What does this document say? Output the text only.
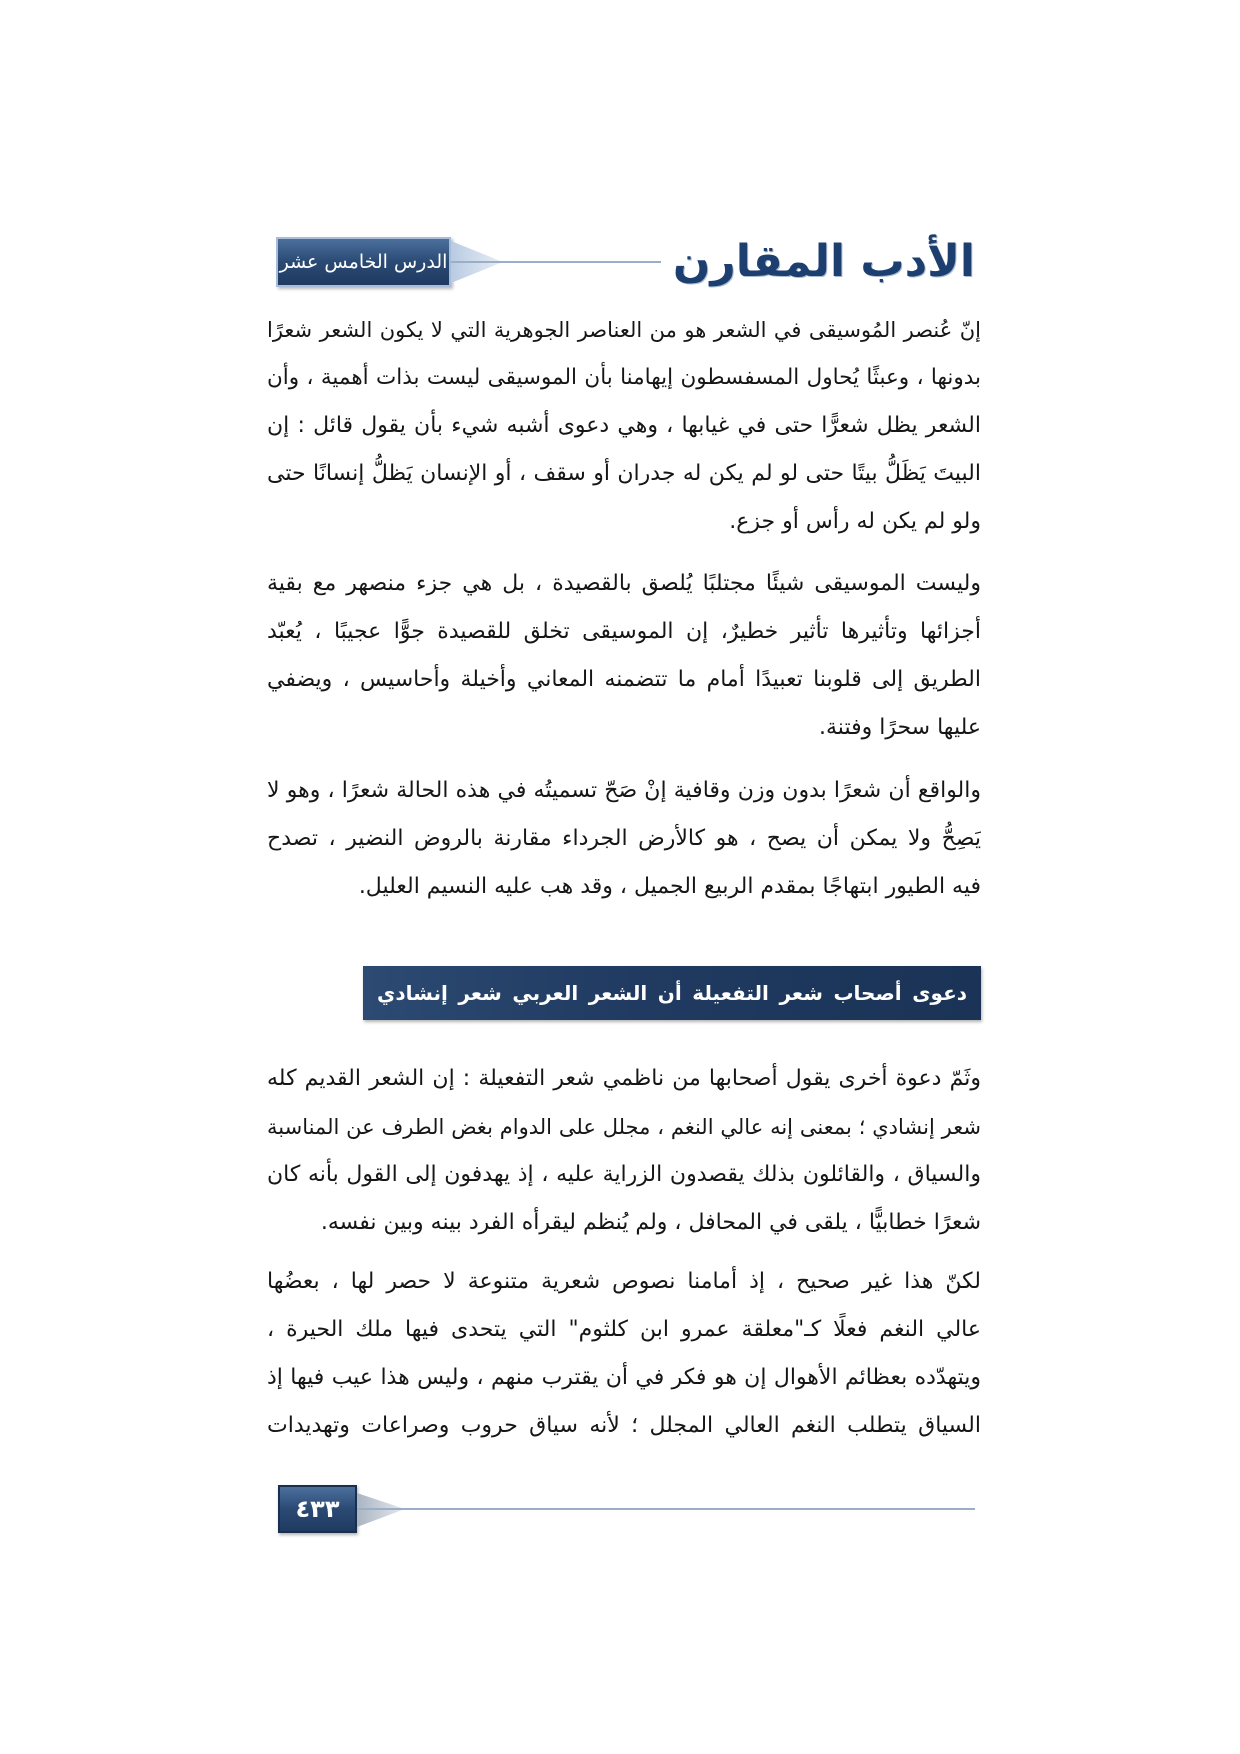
الدرس الخامس عشر	الأدب المقارن
إنّ عُنصر المُوسيقى في الشعر هو من العناصر الجوهرية التي لا يكون الشعر شعرًا
بدونها ، وعبثًا يُحاول المسفسطون إيهامنا بأن الموسيقى ليست بذات أهمية ، وأن
الشعر يظل شعرًّا حتى في غيابها ، وهي دعوى أشبه شيء بأن يقول قائل : إن
البيتَ يَظَلُّ بيتًا حتى لو لم يكن له جدران أو سقف ، أو الإنسان يَظلُّ إنسانًا حتى
ولو لم يكن له رأس أو جزع.
وليست الموسيقى شيئًا مجتلبًا يُلصق بالقصيدة ، بل هي جزء منصهر مع بقية
أجزائها وتأثيرها تأثير خطيرٌ، إن الموسيقى تخلق للقصيدة جوًّا عجيبًا ، يُعبّد
الطريق إلى قلوبنا تعبيدًا أمام ما تتضمنه المعاني وأخيلة وأحاسيس ، ويضفي
عليها سحرًا وفتنة.
والواقع أن شعرًا بدون وزن وقافية إنْ صَحّ تسميتُه في هذه الحالة شعرًا ، وهو لا
يَصِحُّ ولا يمكن أن يصح ، هو كالأرض الجرداء مقارنة بالروض النضير ، تصدح
فيه الطيور ابتهاجًا بمقدم الربيع الجميل ، وقد هب عليه النسيم العليل.
دعوى أصحاب شعر التفعيلة أن الشعر العربي شعر إنشادي
وثَمّ دعوة أخرى يقول أصحابها من ناظمي شعر التفعيلة : إن الشعر القديم كله
شعر إنشادي ؛ بمعنى إنه عالي النغم ، مجلل على الدوام بغض الطرف عن المناسبة
والسياق ، والقائلون بذلك يقصدون الزراية عليه ، إذ يهدفون إلى القول بأنه كان
شعرًا خطابيًّا ، يلقى في المحافل ، ولم يُنظم ليقرأه الفرد بينه وبين نفسه.
لكنّ هذا غير صحيح ، إذ أمامنا نصوص شعرية متنوعة لا حصر لها ، بعضُها
عالي النغم فعلًا كـ"معلقة عمرو ابن كلثوم" التي يتحدى فيها ملك الحيرة ،
ويتهدّده بعظائم الأهوال إن هو فكر في أن يقترب منهم ، وليس هذا عيب فيها إذ
السياق يتطلب النغم العالي المجلل ؛ لأنه سياق حروب وصراعات وتهديدات
٤٣٣
